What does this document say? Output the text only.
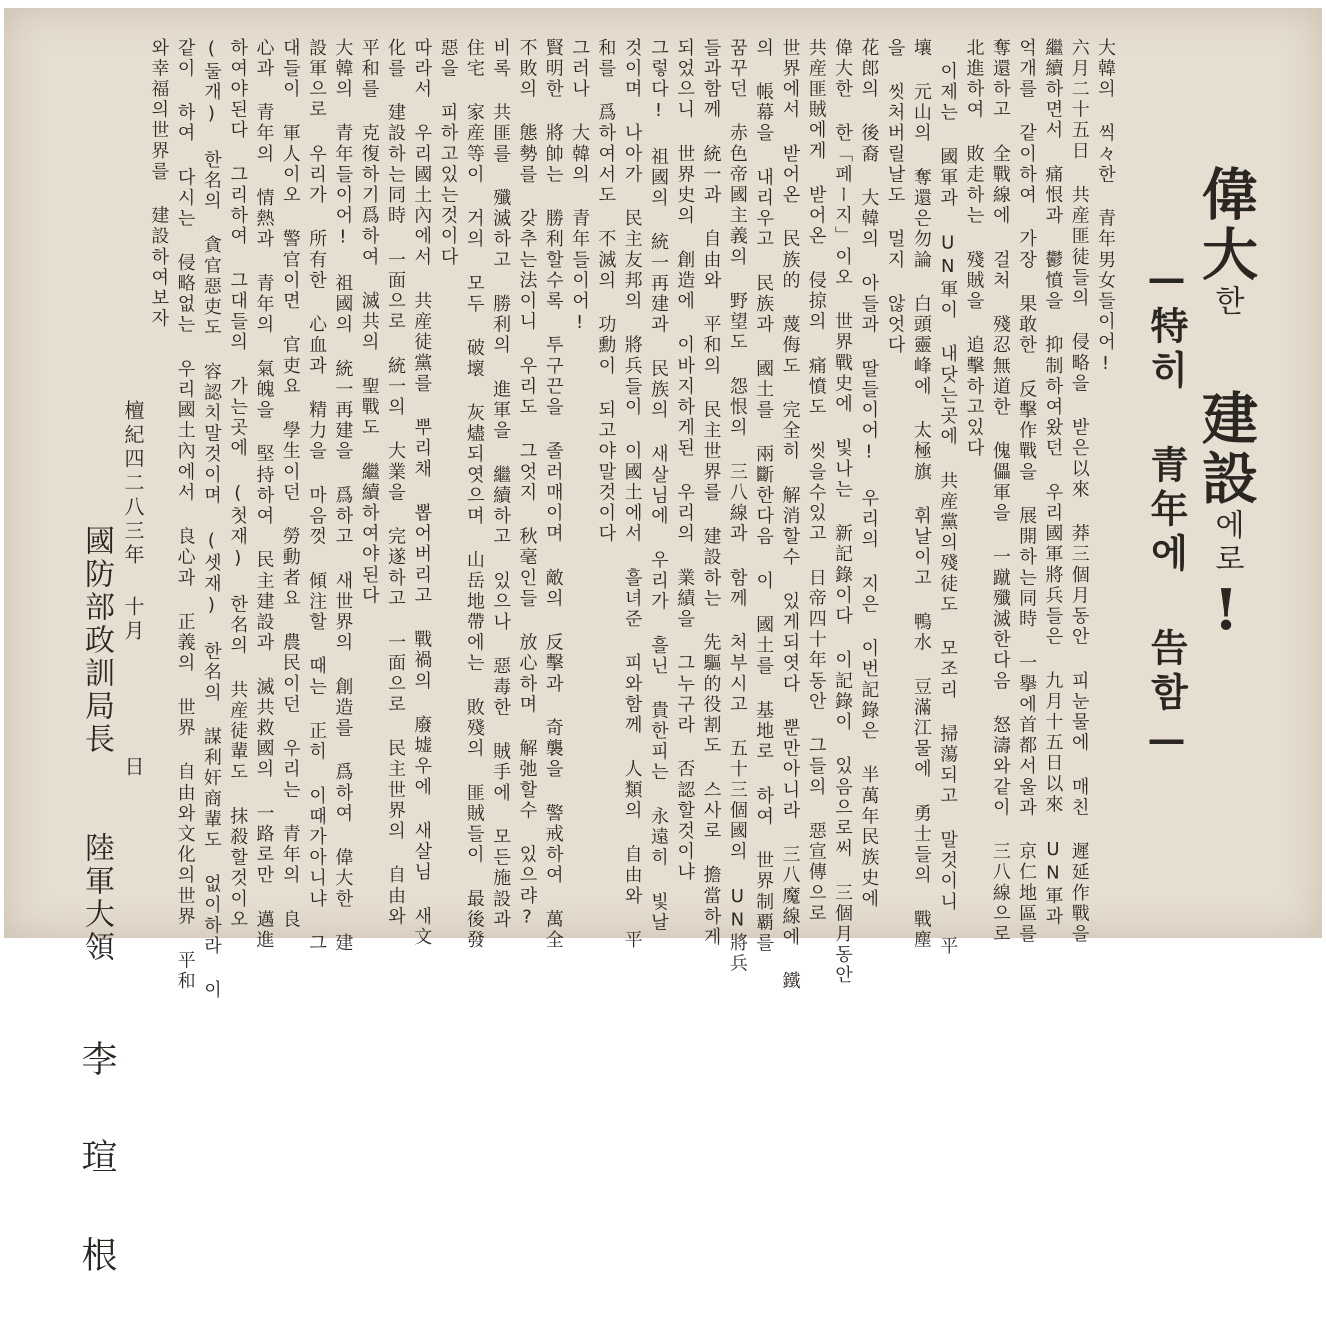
偉大한 建設에로!
—特히 青年에 告함—
大韓의 씩々한 青年男女들이어!
六月二十五日 共産匪徒들의 侵略을 받은以來 莽三個月동안 피눈물에 매친 遲延作戰을
繼續하면서 痛恨과 鬱憤을 抑制하여왔던 우리國軍將兵들은 九月十五日以來 UN軍과
억개를 같이하여 가장 果敢한 反擊作戰을 展開하는同時 一擧에首都서울과 京仁地區를
奪還하고 全戰線에 걸처 殘忍無道한 傀儡軍을 一蹴殲滅한다음 怒濤와같이 三八線으로
北進하여 敗走하는 殘賊을 追擊하고있다
이제는 國軍과 UN軍이 내닷는곳에 共産黨의殘徒도 모조리 掃蕩되고 말것이니 平
壤 元山의 奪還은勿論 白頭靈峰에 太極旗 휘날이고 鴨水 豆滿江물에 勇士들의 戰塵
을 씻처버릴날도 멀지 않엇다
花郎의 後裔 大韓의 아들과 딸들이어! 우리의 지은 이번記錄은 半萬年民族史에
偉大한 한「페ー지」이오 世界戰史에 빛나는 新記錄이다 이記錄이 있음으로써 三個月동안
共産匪賊에게 받어온 侵掠의 痛憤도 씻을수있고 日帝四十年동안 그들의 惡宣傳으로
世界에서 받어온 民族的 蔑侮도 完全히 解消할수 있게되엿다 뿐만아니라 三八魔線에 鐵
의 帳幕을 내리우고 民族과 國土를 兩斷한다음 이 國土를 基地로 하여 世界制覇를
꿈꾸던 赤色帝國主義의 野望도 怨恨의 三八線과 함께 처부시고 五十三個國의 UN將兵
들과함께 統一과 自由와 平和의 民主世界를 建設하는 先驅的役割도 스사로 擔當하게
되었으니 世界史의 創造에 이바지하게된 우리의 業績을 그누구라 否認할것이냐
그렇다! 祖國의 統一再建과 民族의 새살님에 우리가 흘닌 貴한피는 永遠히 빛날
것이며 나아가 民主友邦의 將兵들이 이國土에서 흘녀준 피와함께 人類의 自由와 平
和를 爲하여서도 不滅의 功勳이 되고야말것이다
그러나 大韓의 青年들이어!
賢明한 將帥는 勝利할수록 투구끈을 졸러매이며 敵의 反擊과 奇襲을 警戒하여 萬全
不敗의 態勢를 갖추는法이니 우리도 그엇지 秋毫인들 放心하며 解弛할수 있으랴?
비록 共匪를 殲滅하고 勝利의 進軍을 繼續하고 있으나 惡毒한 賊手에 모든施設과
住宅 家産等이 거의 모두 破壞 灰燼되엿으며 山岳地帶에는 敗殘의 匪賊들이 最後發
惡을 피하고있는것이다
따라서 우리國土內에서 共産徒黨를 뿌리채 뽑어버리고 戰禍의 廢墟우에 새살님 새文
化를 建設하는同時 一面으로 統一의 大業을 完遂하고 一面으로 民主世界의 自由와
平和를 克復하기爲하여 滅共의 聖戰도 繼續하여야된다
大韓의 青年들이어! 祖國의 統一再建을 爲하고 새世界의 創造를 爲하여 偉大한 建
設軍으로 우리가 所有한 心血과 精力을 마음껏 傾注할 때는 正히 이때가아니냐 그
대들이 軍人이오 警官이면 官吏요 學生이던 勞動者요 農民이던 우리는 青年의 良
心과 青年의 情熱과 青年의 氣魄을 堅持하여 民主建設과 滅共救國의 一路로만 邁進
하여야된다 그리하여 그대들의 가는곳에 (첫재) 한名의 共産徒輩도 抹殺할것이오
(둘개) 한名의 貪官惡吏도 容認치말것이며 (셋재) 한名의 謀利奸商輩도 없이하라 이
같이 하여 다시는 侵略없는 우리國土內에서 良心과 正義의 世界 自由와文化의世界 平和
와幸福의世界를 建設하여보자
檀紀四二八三年 十月    日
國防部政訓局長  陸軍大領  李瑄根
